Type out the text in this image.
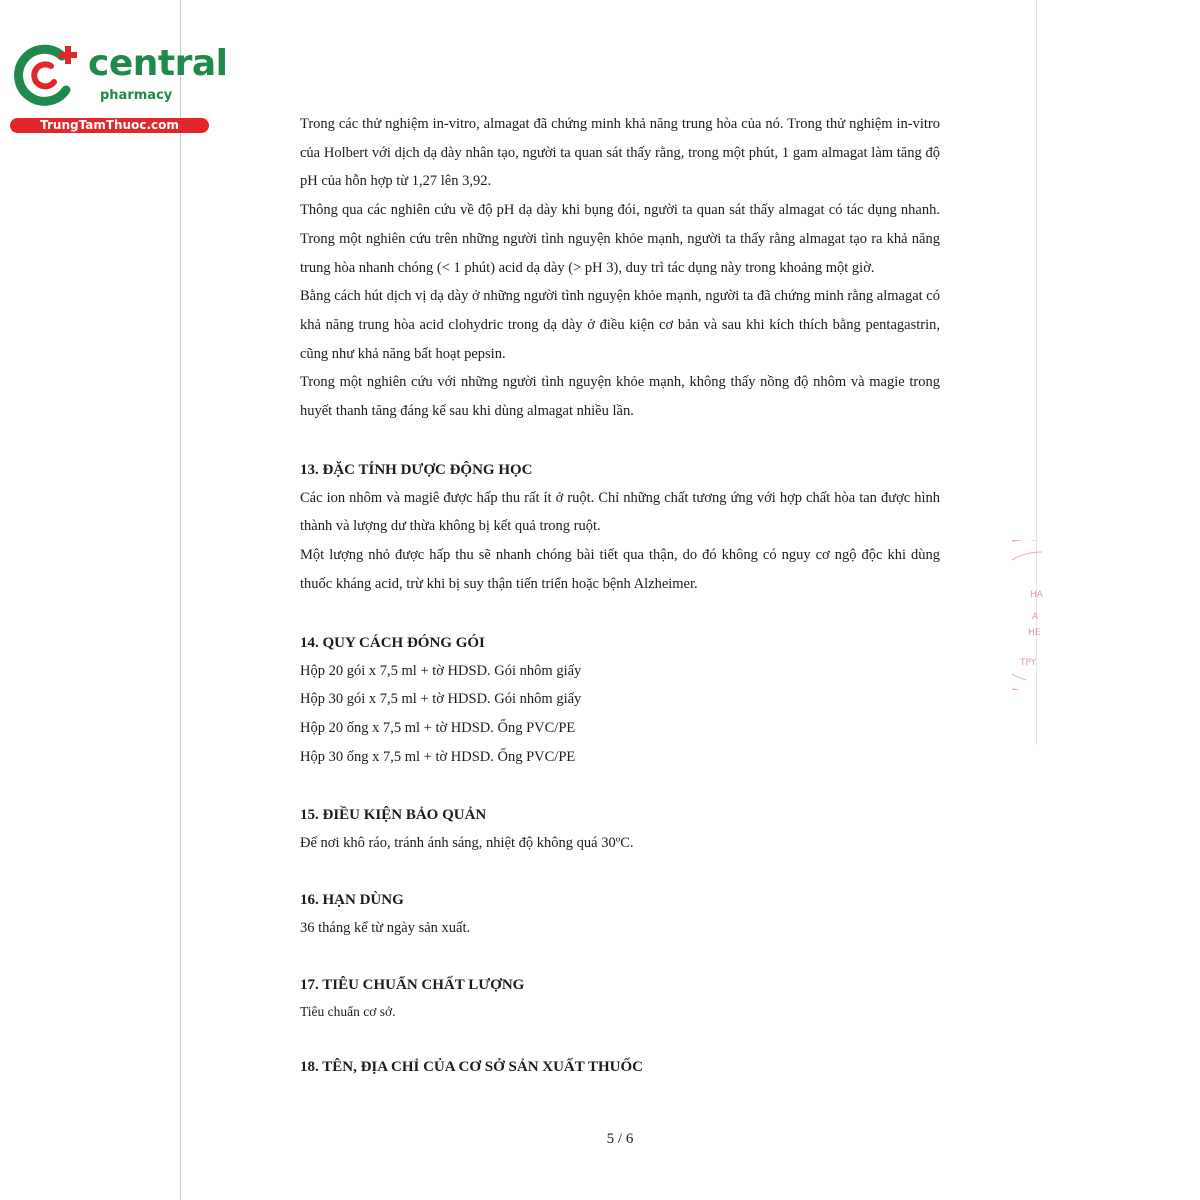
central
pharmacy
TrungTamThuoc.com	Trong các thử nghiệm in-vitro, almagat đã chứng minh khả năng trung hòa của nó. Trong thử nghiệm in-vitro của Holbert với dịch dạ dày nhân tạo, người ta quan sát thấy rằng, trong một phút, 1 gam almagat làm tăng độ pH của hỗn hợp từ 1,27 lên 3,92.

Thông qua các nghiên cứu về độ pH dạ dày khi bụng đói, người ta quan sát thấy almagat có tác dụng nhanh. Trong một nghiên cứu trên những người tình nguyện khỏe mạnh, người ta thấy rằng almagat tạo ra khả năng trung hòa nhanh chóng (< 1 phút) acid dạ dày (> pH 3), duy trì tác dụng này trong khoảng một giờ.

Bằng cách hút dịch vị dạ dày ở những người tình nguyện khỏe mạnh, người ta đã chứng minh rằng almagat có khả năng trung hòa acid clohydric trong dạ dày ở điều kiện cơ bản và sau khi kích thích bằng pentagastrin, cũng như khả năng bất hoạt pepsin.

Trong một nghiên cứu với những người tình nguyện khỏe mạnh, không thấy nồng độ nhôm và magie trong huyết thanh tăng đáng kể sau khi dùng almagat nhiều lần.

13. ĐẶC TÍNH DƯỢC ĐỘNG HỌC

Các ion nhôm và magiê được hấp thu rất ít ở ruột. Chỉ những chất tương ứng với hợp chất hòa tan được hình thành và lượng dư thừa không bị kết quả trong ruột.

Một lượng nhỏ được hấp thu sẽ nhanh chóng bài tiết qua thận, do đó không có nguy cơ ngộ độc khi dùng thuốc kháng acid, trừ khi bị suy thận tiến triển hoặc bệnh Alzheimer.

14. QUY CÁCH ĐÓNG GÓI

Hộp 20 gói x 7,5 ml + tờ HDSD. Gói nhôm giấy

Hộp 30 gói x 7,5 ml + tờ HDSD. Gói nhôm giấy

Hộp 20 ống x 7,5 ml + tờ HDSD. Ống PVC/PE

Hộp 30 ống x 7,5 ml + tờ HDSD. Ống PVC/PE

15. ĐIỀU KIỆN BẢO QUẢN

Để nơi khô ráo, tránh ánh sáng, nhiệt độ không quá 30ºC.

16. HẠN DÙNG

36 tháng kể từ ngày sản xuất.

17. TIÊU CHUẨN CHẤT LƯỢNG

Tiêu chuẩn cơ sở.

18. TÊN, ĐỊA CHỈ CỦA CƠ SỞ SẢN XUẤT THUỐC

5 / 6
HA
A
HE
TPY
